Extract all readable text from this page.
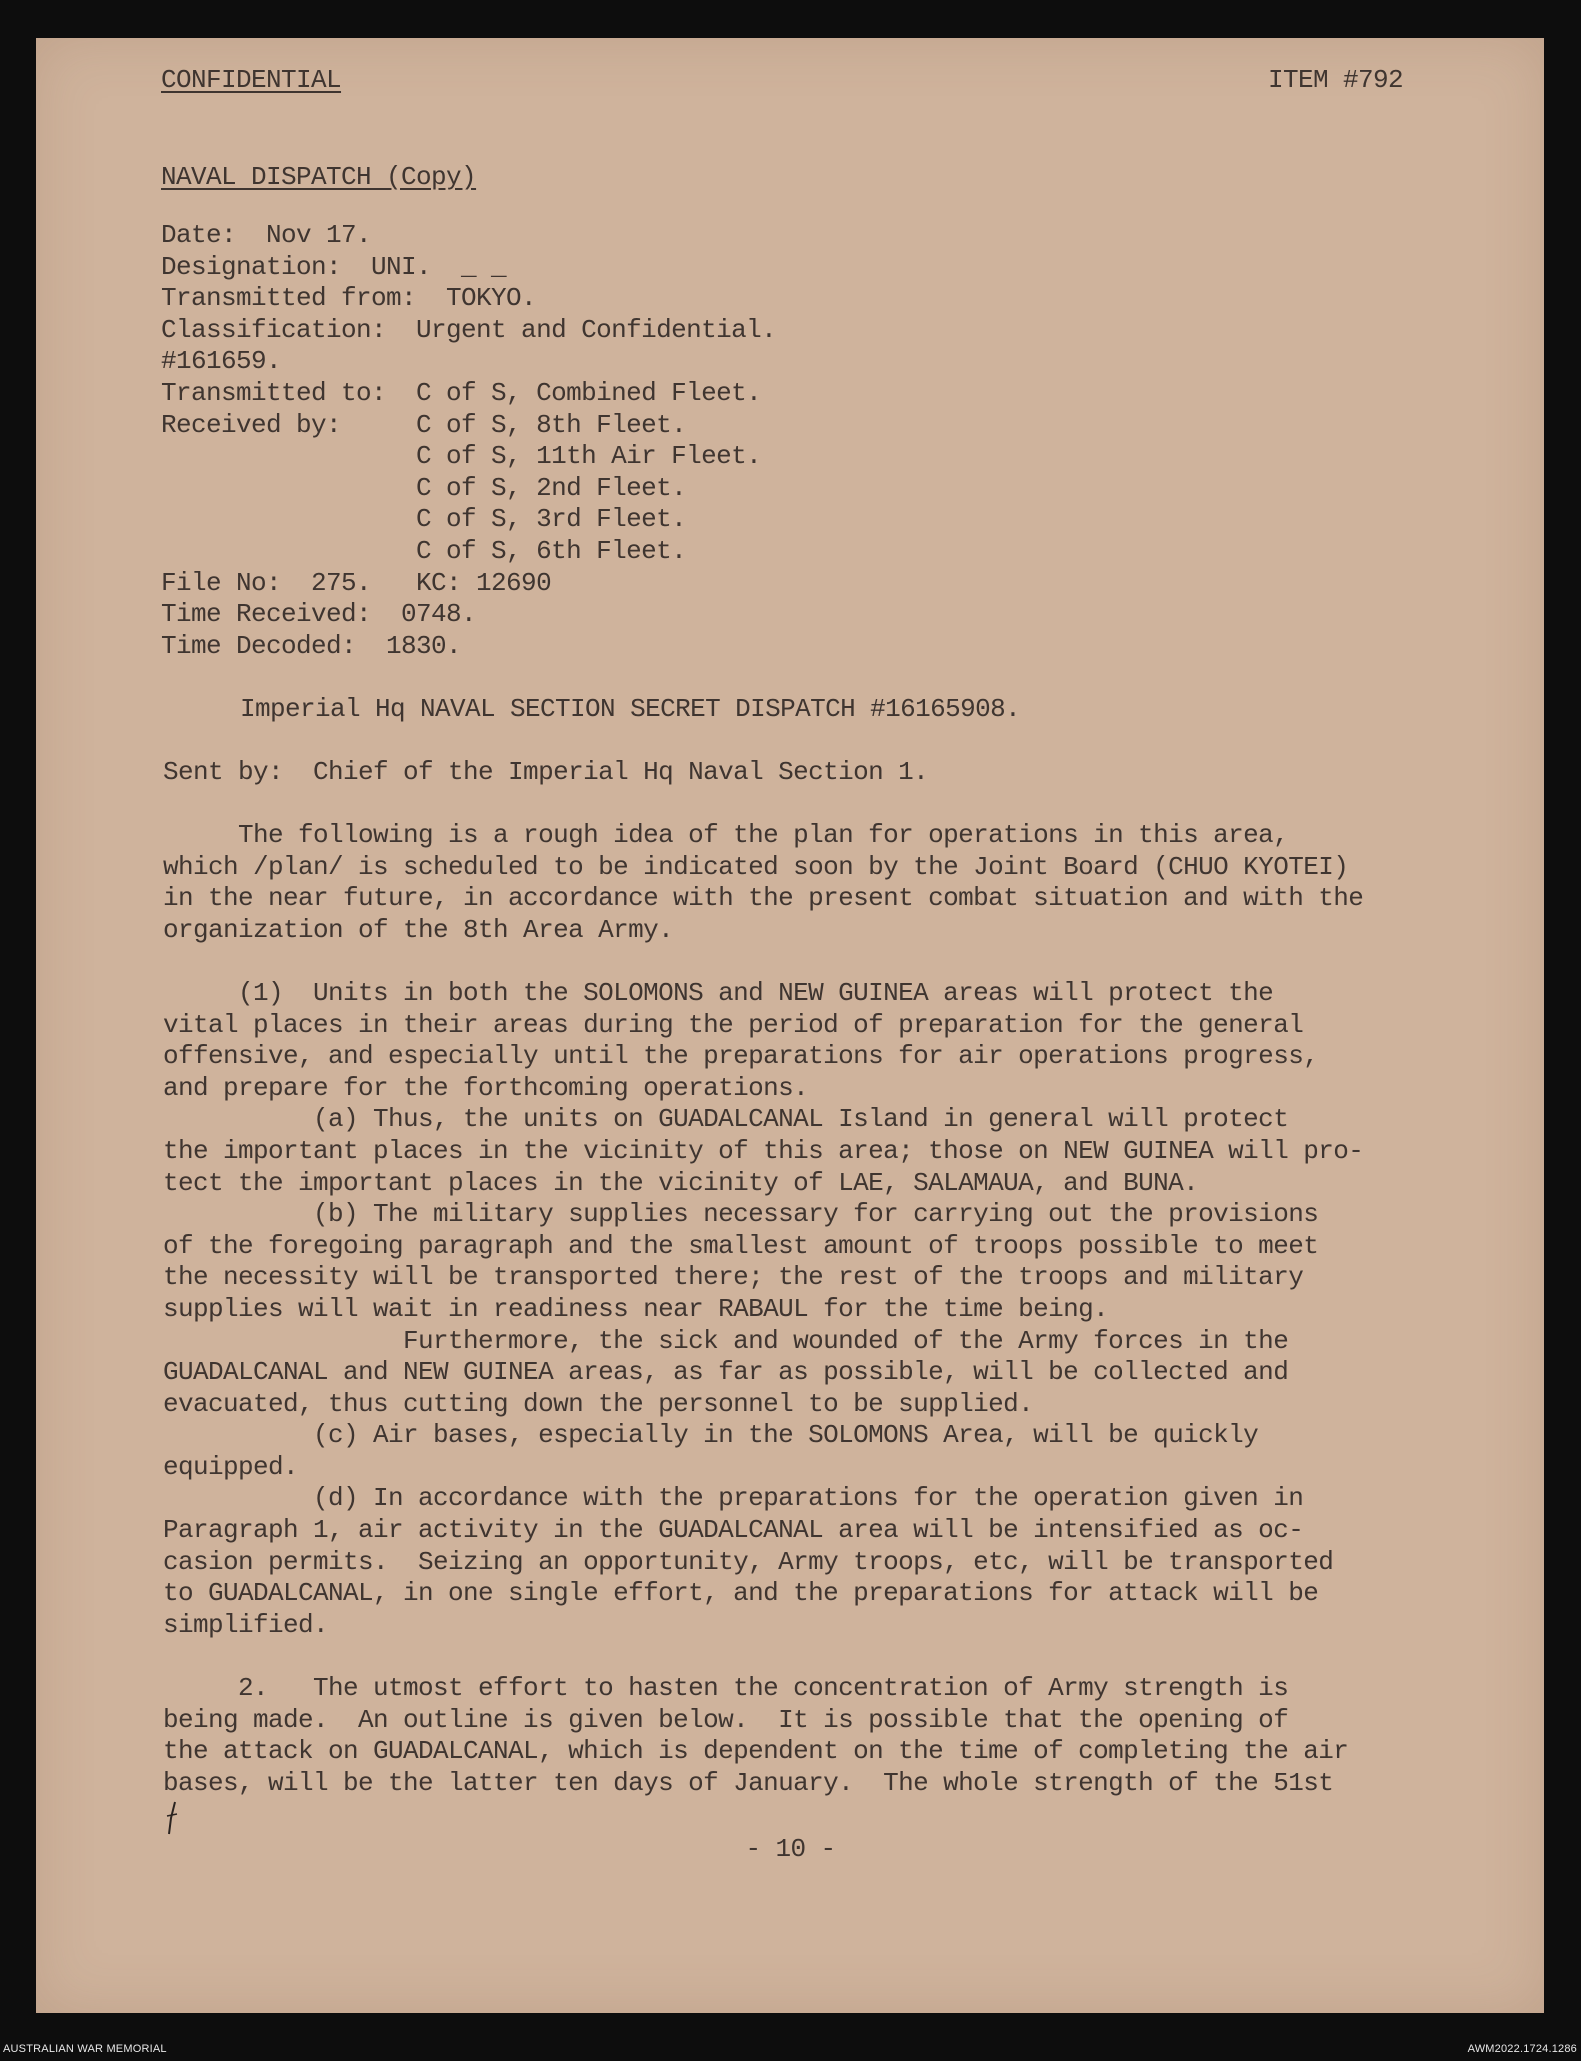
CONFIDENTIAL	ITEM #792
NAVAL DISPATCH (Copy)
Date:  Nov 17.
Designation:  UNI.  _ _
Transmitted from:  TOKYO.
Classification:  Urgent and Confidential.
#161659.
Transmitted to:  C of S, Combined Fleet.
Received by:     C of S, 8th Fleet.
C of S, 11th Air Fleet.
C of S, 2nd Fleet.
C of S, 3rd Fleet.
C of S, 6th Fleet.
File No:  275.   KC: 12690
Time Received:  0748.
Time Decoded:  1830.
Imperial Hq NAVAL SECTION SECRET DISPATCH #16165908.
Sent by:  Chief of the Imperial Hq Naval Section 1.
The following is a rough idea of the plan for operations in this area,
which /plan/ is scheduled to be indicated soon by the Joint Board (CHUO KYOTEI)
in the near future, in accordance with the present combat situation and with the
organization of the 8th Area Army.

(1)  Units in both the SOLOMONS and NEW GUINEA areas will protect the
vital places in their areas during the period of preparation for the general
offensive, and especially until the preparations for air operations progress,
and prepare for the forthcoming operations.
(a) Thus, the units on GUADALCANAL Island in general will protect
the important places in the vicinity of this area; those on NEW GUINEA will pro-
tect the important places in the vicinity of LAE, SALAMAUA, and BUNA.
(b) The military supplies necessary for carrying out the provisions
of the foregoing paragraph and the smallest amount of troops possible to meet
the necessity will be transported there; the rest of the troops and military
supplies will wait in readiness near RABAUL for the time being.
Furthermore, the sick and wounded of the Army forces in the
GUADALCANAL and NEW GUINEA areas, as far as possible, will be collected and
evacuated, thus cutting down the personnel to be supplied.
(c) Air bases, especially in the SOLOMONS Area, will be quickly
equipped.
(d) In accordance with the preparations for the operation given in
Paragraph 1, air activity in the GUADALCANAL area will be intensified as oc-
casion permits.  Seizing an opportunity, Army troops, etc, will be transported
to GUADALCANAL, in one single effort, and the preparations for attack will be
simplified.

2.   The utmost effort to hasten the concentration of Army strength is
being made.  An outline is given below.  It is possible that the opening of
the attack on GUADALCANAL, which is dependent on the time of completing the air
bases, will be the latter ten days of January.  The whole strength of the 51st
- 10 -
AUSTRALIAN WAR MEMORIAL	AWM2022.1724.1286
